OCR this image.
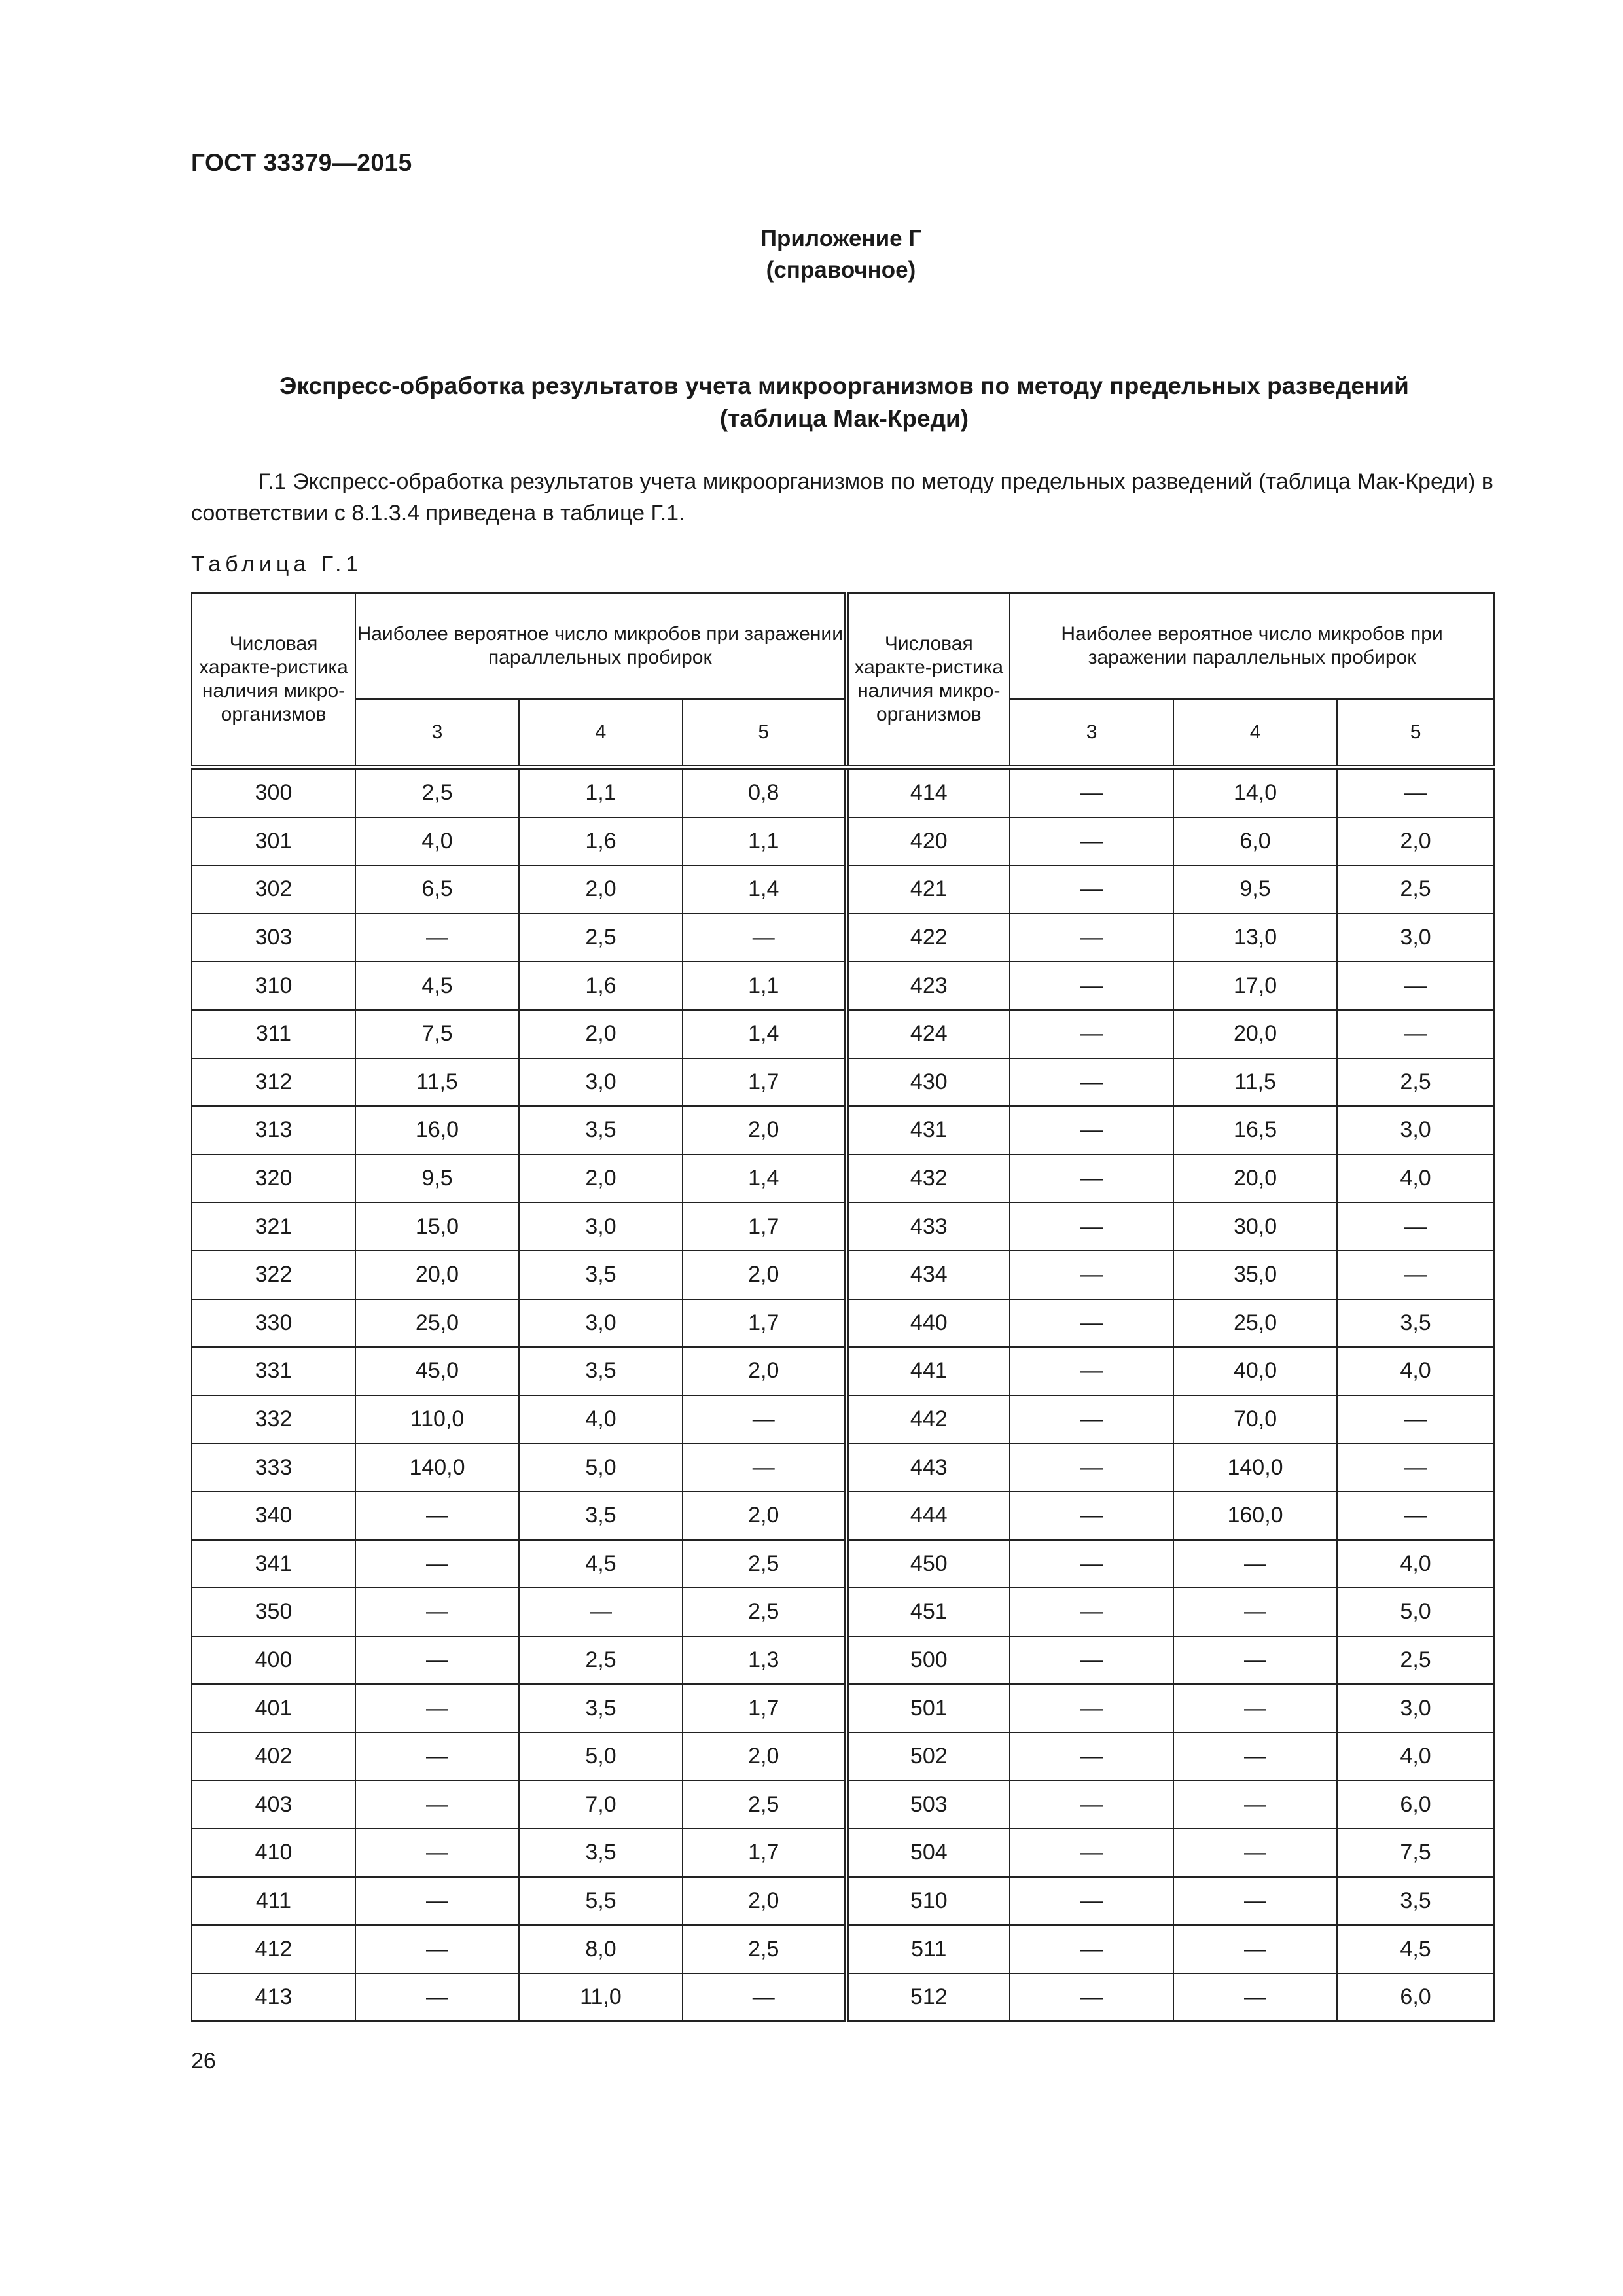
ГОСТ 33379—2015
Приложение Г
(справочное)
Экспресс-обработка результатов учета микроорганизмов по методу предельных разведений (таблица Мак-Креди)
Г.1 Экспресс-обработка результатов учета микроорганизмов по методу предельных разведений (таблица Мак-Креди) в соответствии с 8.1.3.4 приведена в таблице Г.1.
Таблица Г.1
Числовая характе-ристика наличия микро-организмов	Наиболее вероятное число микробов при заражении параллельных пробирок			Числовая характе-ристика наличия микро-организмов	Наиболее вероятное число микробов при заражении параллельных пробирок		
	3	4	5		3	4	5
300	2,5	1,1	0,8	414	—	14,0	—
301	4,0	1,6	1,1	420	—	6,0	2,0
302	6,5	2,0	1,4	421	—	9,5	2,5
303	—	2,5	—	422	—	13,0	3,0
310	4,5	1,6	1,1	423	—	17,0	—
311	7,5	2,0	1,4	424	—	20,0	—
312	11,5	3,0	1,7	430	—	11,5	2,5
313	16,0	3,5	2,0	431	—	16,5	3,0
320	9,5	2,0	1,4	432	—	20,0	4,0
321	15,0	3,0	1,7	433	—	30,0	—
322	20,0	3,5	2,0	434	—	35,0	—
330	25,0	3,0	1,7	440	—	25,0	3,5
331	45,0	3,5	2,0	441	—	40,0	4,0
332	110,0	4,0	—	442	—	70,0	—
333	140,0	5,0	—	443	—	140,0	—
340	—	3,5	2,0	444	—	160,0	—
341	—	4,5	2,5	450	—	—	4,0
350	—	—	2,5	451	—	—	5,0
400	—	2,5	1,3	500	—	—	2,5
401	—	3,5	1,7	501	—	—	3,0
402	—	5,0	2,0	502	—	—	4,0
403	—	7,0	2,5	503	—	—	6,0
410	—	3,5	1,7	504	—	—	7,5
411	—	5,5	2,0	510	—	—	3,5
412	—	8,0	2,5	511	—	—	4,5
413	—	11,0	—	512	—	—	6,0
26
